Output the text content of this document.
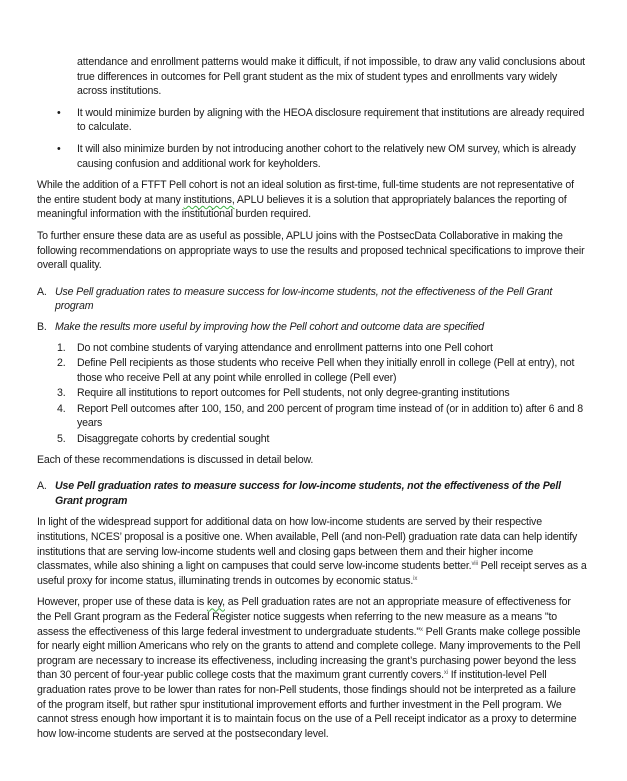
attendance and enrollment patterns would make it difficult, if not impossible, to draw any valid conclusions about true differences in outcomes for Pell grant student as the mix of student types and enrollments vary widely across institutions.

• It would minimize burden by aligning with the HEOA disclosure requirement that institutions are already required to calculate.
• It will also minimize burden by not introducing another cohort to the relatively new OM survey, which is already causing confusion and additional work for keyholders.

While the addition of a FTFT Pell cohort is not an ideal solution as first-time, full-time students are not representative of the entire student body at many institutions, APLU believes it is a solution that appropriately balances the reporting of meaningful information with the institutional burden required.

To further ensure these data are as useful as possible, APLU joins with the PostsecData Collaborative in making the following recommendations on appropriate ways to use the results and proposed technical specifications to improve their overall quality.

A. Use Pell graduation rates to measure success for low-income students, not the effectiveness of the Pell Grant program
B. Make the results more useful by improving how the Pell cohort and outcome data are specified
1. Do not combine students of varying attendance and enrollment patterns into one Pell cohort
2. Define Pell recipients as those students who receive Pell when they initially enroll in college (Pell at entry), not those who receive Pell at any point while enrolled in college (Pell ever)
3. Require all institutions to report outcomes for Pell students, not only degree-granting institutions
4. Report Pell outcomes after 100, 150, and 200 percent of program time instead of (or in addition to) after 6 and 8 years
5. Disaggregate cohorts by credential sought

Each of these recommendations is discussed in detail below.

A. Use Pell graduation rates to measure success for low-income students, not the effectiveness of the Pell Grant program

In light of the widespread support for additional data on how low-income students are served by their respective institutions, NCES’ proposal is a positive one. When available, Pell (and non-Pell) graduation rate data can help identify institutions that are serving low-income students well and closing gaps between them and their higher income classmates, while also shining a light on campuses that could serve low-income students better.$^{viii}$ Pell receipt serves as a useful proxy for income status, illuminating trends in outcomes by economic status.$^{ix}$

However, proper use of these data is key, as Pell graduation rates are not an appropriate measure of effectiveness for the Pell Grant program as the Federal Register notice suggests when referring to the new measure as a means "to assess the effectiveness of this large federal investment to undergraduate students."$^x$ Pell Grants make college possible for nearly eight million Americans who rely on the grants to attend and complete college. Many improvements to the Pell program are necessary to increase its effectiveness, including increasing the grant’s purchasing power beyond the less than 30 percent of four-year public college costs that the maximum grant currently covers.$^{xi}$ If institution-level Pell graduation rates prove to be lower than rates for non-Pell students, those findings should not be interpreted as a failure of the program itself, but rather spur institutional improvement efforts and further investment in the Pell program. We cannot stress enough how important it is to maintain focus on the use of a Pell receipt indicator as a proxy to determine how low-income students are served at the postsecondary level.
